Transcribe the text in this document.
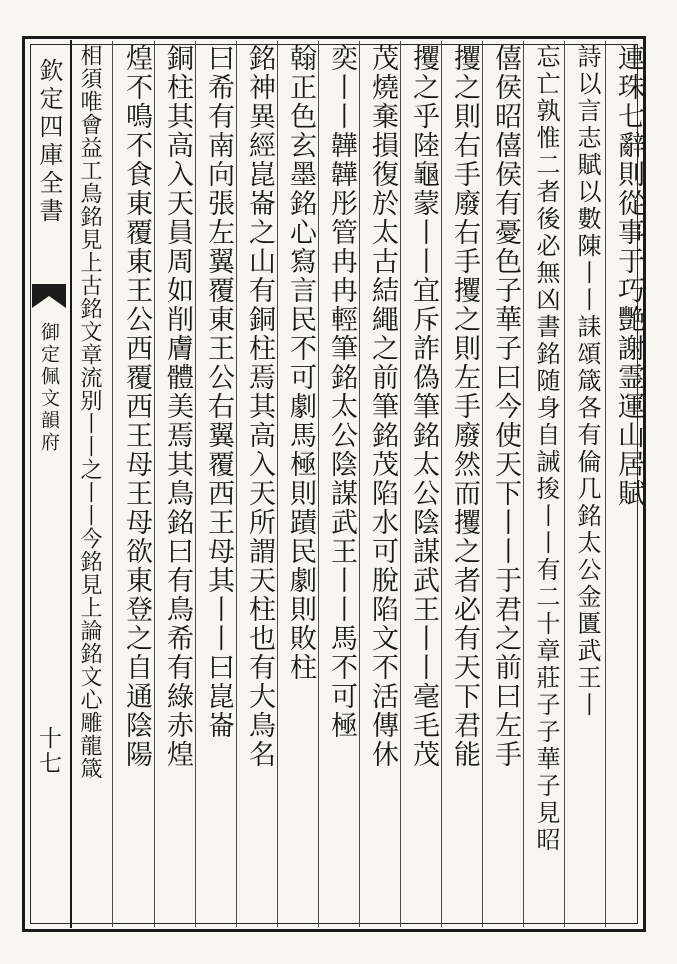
欽定四庫全書
御定佩文韻府
十七
連珠七辭則從事于巧艷謝霊運山居賦
詩以言志賦以數陳丨丨誄頌箴各有倫几銘太公金匱武王丨
忘亡孰惟二者後必無凶書銘随身自誡捘丨丨有二十章莊子子華子見昭
僖侯昭僖侯有憂色子華子曰今使天下丨丨于君之前曰左手
攫之則右手廢右手攫之則左手廢然而攫之者必有天下君能
攫之乎陸龜蒙丨丨宜斥詐偽筆銘太公陰謀武王丨丨毫毛茂
茂燒棄損復於太古結繩之前筆銘茂陷水可脫陷文不活傳休
奕丨丨韡韡彤管冉冉輕筆銘太公陰謀武王丨丨馬不可極
翰正色玄墨銘心寫言民不可劇馬極則蹟民劇則敗柱
銘神異經崑崙之山有銅柱焉其高入天所謂天柱也有大鳥名
曰希有南向張左翼覆東王公右翼覆西王母其丨丨曰崑崙
銅柱其高入天員周如削膚體美焉其鳥銘曰有鳥希有綠赤煌
煌不鳴不食東覆東王公西覆西王母王母欲東登之自通陰陽
相須唯會益工鳥銘見上古銘文章流别丨丨之丨丨今銘見上論銘文心雕龍箴
